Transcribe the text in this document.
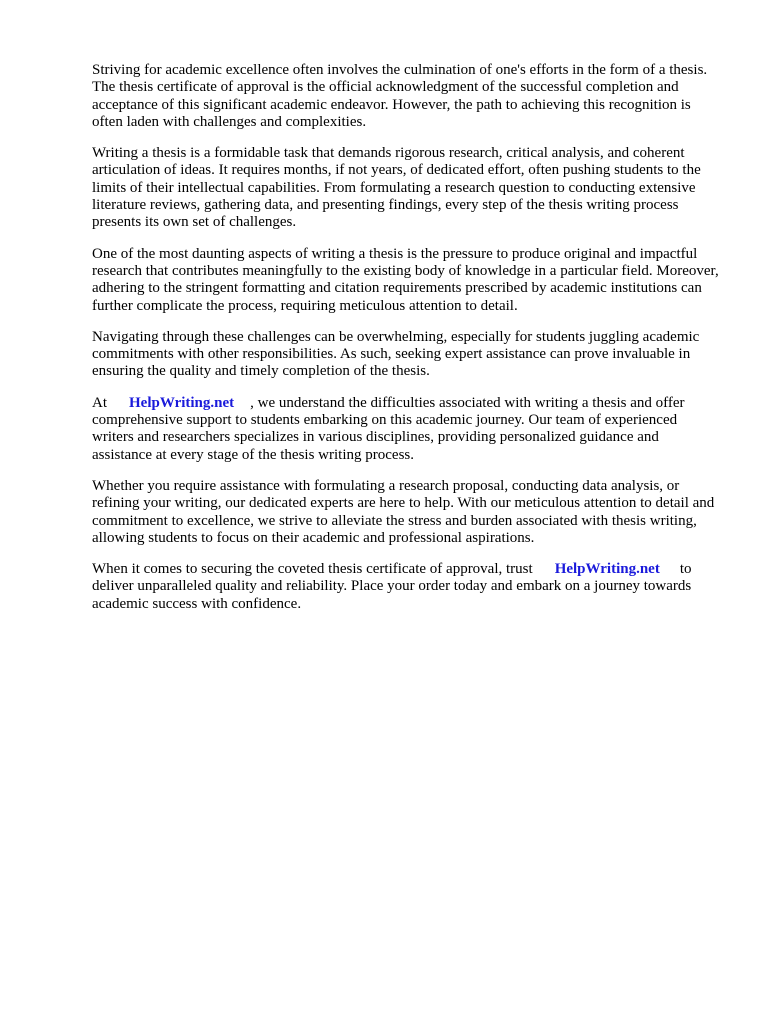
Striving for academic excellence often involves the culmination of one's efforts in the form of a thesis. The thesis certificate of approval is the official acknowledgment of the successful completion and acceptance of this significant academic endeavor. However, the path to achieving this recognition is often laden with challenges and complexities.

Writing a thesis is a formidable task that demands rigorous research, critical analysis, and coherent articulation of ideas. It requires months, if not years, of dedicated effort, often pushing students to the limits of their intellectual capabilities. From formulating a research question to conducting extensive literature reviews, gathering data, and presenting findings, every step of the thesis writing process presents its own set of challenges.

One of the most daunting aspects of writing a thesis is the pressure to produce original and impactful research that contributes meaningfully to the existing body of knowledge in a particular field. Moreover, adhering to the stringent formatting and citation requirements prescribed by academic institutions can further complicate the process, requiring meticulous attention to detail.

Navigating through these challenges can be overwhelming, especially for students juggling academic commitments with other responsibilities. As such, seeking expert assistance can prove invaluable in ensuring the quality and timely completion of the thesis.

At HelpWriting.net , we understand the difficulties associated with writing a thesis and offer comprehensive support to students embarking on this academic journey. Our team of experienced writers and researchers specializes in various disciplines, providing personalized guidance and assistance at every stage of the thesis writing process.

Whether you require assistance with formulating a research proposal, conducting data analysis, or refining your writing, our dedicated experts are here to help. With our meticulous attention to detail and commitment to excellence, we strive to alleviate the stress and burden associated with thesis writing, allowing students to focus on their academic and professional aspirations.

When it comes to securing the coveted thesis certificate of approval, trust HelpWriting.net to deliver unparalleled quality and reliability. Place your order today and embark on a journey towards academic success with confidence.
